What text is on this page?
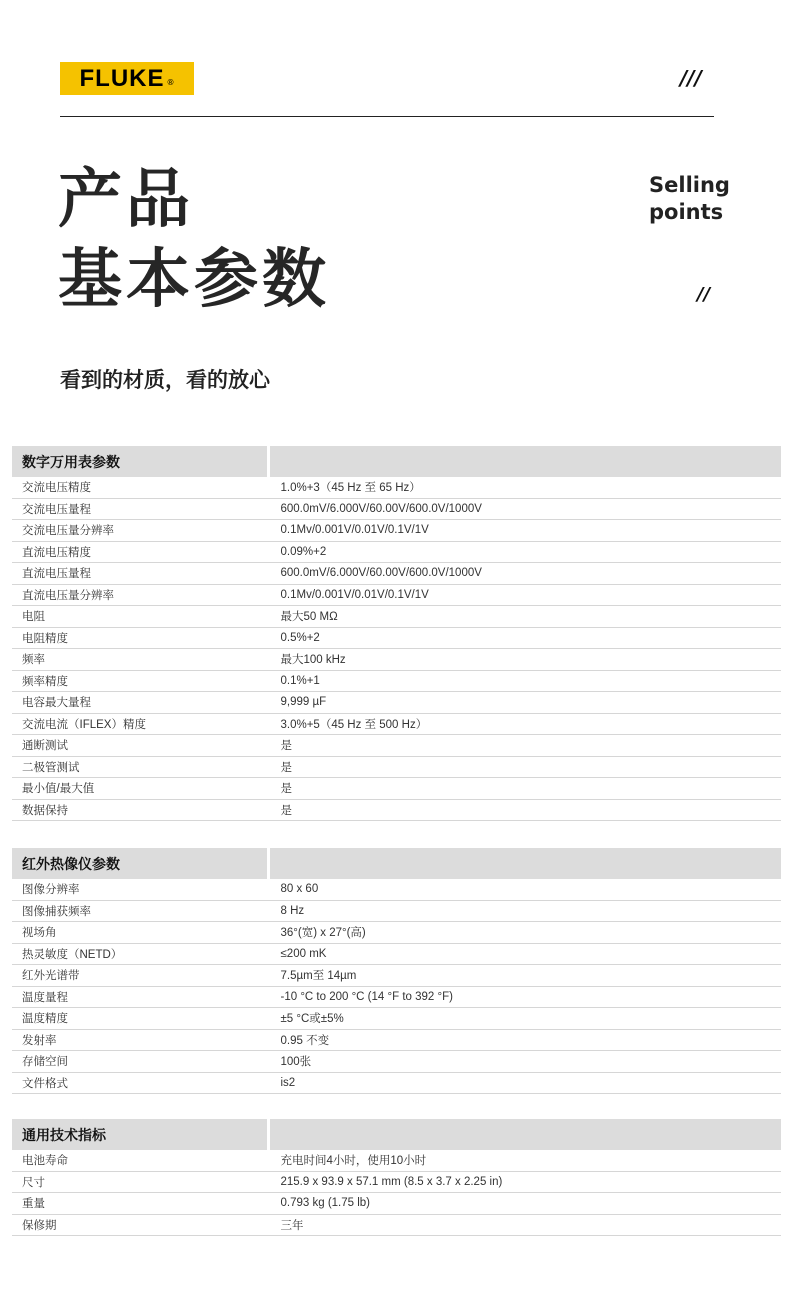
FLUKE ®	///
产品
基本参数
Selling
points
//
看到的材质，看的放心
数字万用表参数	
交流电压精度	1.0%+3（45 Hz 至 65 Hz）
交流电压量程	600.0mV/6.000V/60.00V/600.0V/1000V
交流电压量分辨率	0.1Mv/0.001V/0.01V/0.1V/1V
直流电压精度	0.09%+2
直流电压量程	600.0mV/6.000V/60.00V/600.0V/1000V
直流电压量分辨率	0.1Mv/0.001V/0.01V/0.1V/1V
电阻	最大50 MΩ
电阻精度	0.5%+2
频率	最大100 kHz
频率精度	0.1%+1
电容最大量程	9,999 µF
交流电流（IFLEX）精度	3.0%+5（45 Hz 至 500 Hz）
通断测试	是
二极管测试	是
最小值/最大值	是
数据保持	是
红外热像仪参数	
图像分辨率	80 x 60
图像捕获频率	8 Hz
视场角	36°(宽) x 27°(高)
热灵敏度（NETD）	≤200 mK
红外光谱带	7.5µm至 14µm
温度量程	-10 °C to 200 °C (14 °F to 392 °F)
温度精度	±5 °C或±5%
发射率	0.95 不变
存储空间	100张
文件格式	is2
通用技术指标	
电池寿命	充电时间4小时，使用10小时
尺寸	215.9 x 93.9 x 57.1 mm (8.5 x 3.7 x 2.25 in)
重量	0.793 kg (1.75 lb)
保修期	三年
